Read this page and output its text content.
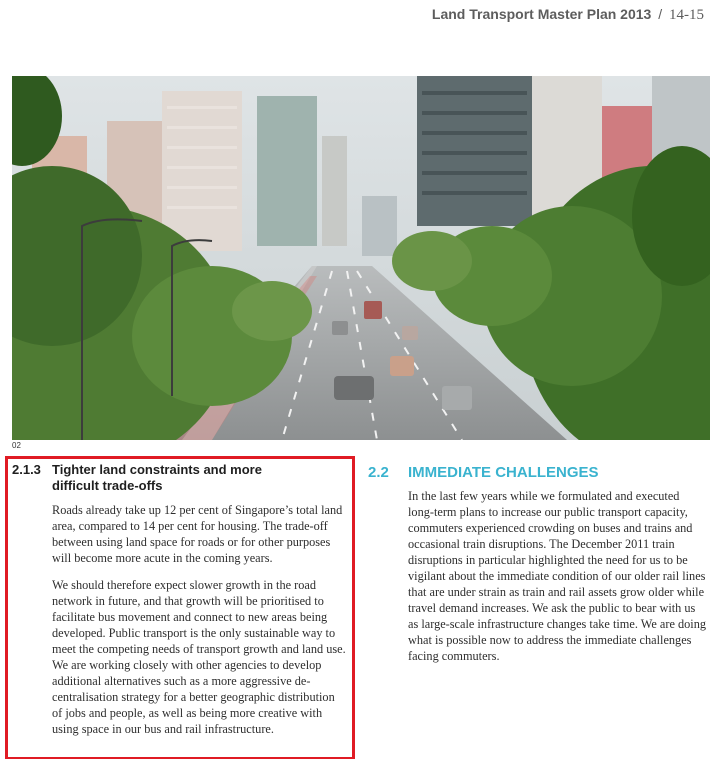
Land Transport Master Plan 2013 / 14-15
02
2.1.3 Tighter land constraints and more difficult trade-offs

Roads already take up 12 per cent of Singapore’s total land area, compared to 14 per cent for housing. The trade-off between using land space for roads or for other purposes will become more acute in the coming years.

We should therefore expect slower growth in the road network in future, and that growth will be prioritised to facilitate bus movement and connect to new areas being developed. Public transport is the only sustainable way to meet the competing needs of transport growth and land use. We are working closely with other agencies to develop additional alternatives such as a more aggressive de-centralisation strategy for a better geographic distribution of jobs and people, as well as being more creative with using space in our bus and rail infrastructure.

2.2 IMMEDIATE CHALLENGES

In the last few years while we formulated and executed long-term plans to increase our public transport capacity, commuters experienced crowding on buses and trains and occasional train disruptions. The December 2011 train disruptions in particular highlighted the need for us to be vigilant about the immediate condition of our older rail lines that are under strain as train and rail assets grow older while travel demand increases. We ask the public to bear with us as large-scale infrastructure changes take time. We are doing what is possible now to address the immediate challenges facing commuters.
